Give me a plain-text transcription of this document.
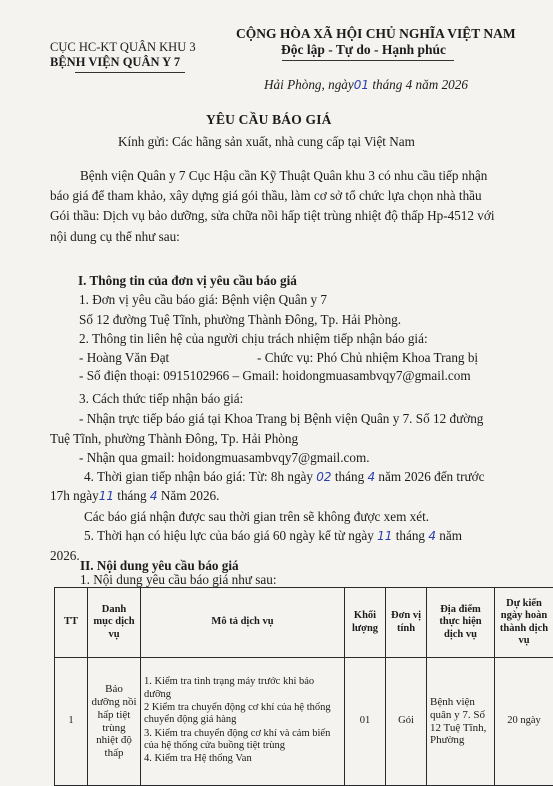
CỤC HC-KT QUÂN KHU 3
BỆNH VIỆN QUÂN Y 7
CỘNG HÒA XÃ HỘI CHỦ NGHĨA VIỆT NAM
Độc lập - Tự do - Hạnh phúc
Hải Phòng, ngày01 tháng 4 năm 2026
YÊU CẦU BÁO GIÁ
Kính gửi: Các hãng sản xuất, nhà cung cấp tại Việt Nam
Bệnh viện Quân y 7 Cục Hậu cần Kỹ Thuật Quân khu 3 có nhu cầu tiếp nhận
báo giá để tham khảo, xây dựng giá gói thầu, làm cơ sở tổ chức lựa chọn nhà thầu
Gói thầu: Dịch vụ bảo dưỡng, sửa chữa nồi hấp tiệt trùng nhiệt độ thấp Hp-4512 với
nội dung cụ thể như sau:
I. Thông tin của đơn vị yêu cầu báo giá
1. Đơn vị yêu cầu báo giá: Bệnh viện Quân y 7
Số 12 đường Tuệ Tĩnh, phường Thành Đông, Tp. Hải Phòng.
2. Thông tin liên hệ của người chịu trách nhiệm tiếp nhận báo giá:
- Hoàng Văn Đạt	- Chức vụ: Phó Chủ nhiệm Khoa Trang bị
- Số điện thoại: 0915102966 – Gmail: hoidongmuasambvqy7@gmail.com
3. Cách thức tiếp nhận báo giá:
- Nhận trực tiếp báo giá tại Khoa Trang bị Bệnh viện Quân y 7. Số 12 đường
Tuệ Tĩnh, phường Thành Đông, Tp. Hải Phòng
- Nhận qua gmail: hoidongmuasambvqy7@gmail.com.
4. Thời gian tiếp nhận báo giá: Từ: 8h ngày 02 tháng 4 năm 2026 đến trước
17h ngày11 tháng 4 Năm 2026.
Các báo giá nhận được sau thời gian trên sẽ không được xem xét.
5. Thời hạn có hiệu lực của báo giá 60 ngày kể từ ngày 11 tháng 4 năm
2026.
II. Nội dung yêu cầu báo giá
1. Nội dung yêu cầu báo giá như sau:
TT	Danh mục dịch vụ	Mô tả dịch vụ	Khối lượng	Đơn vị tính	Địa điểm thực hiện dịch vụ	Dự kiến ngày hoàn thành dịch vụ
1	Bảo dưỡng nồi hấp tiệt trùng nhiệt độ thấp	1. Kiểm tra tình trạng máy trước khi bảo dưỡng
2 Kiểm tra chuyển động cơ khí của hệ thống chuyển động giá hàng
3. Kiểm tra chuyển động cơ khí và cảm biến của hệ thống cửa buồng tiệt trùng
4. Kiểm tra Hệ thống Van	01	Gói	Bệnh viện quân y 7. Số 12 Tuệ Tĩnh, Phường	20 ngày
